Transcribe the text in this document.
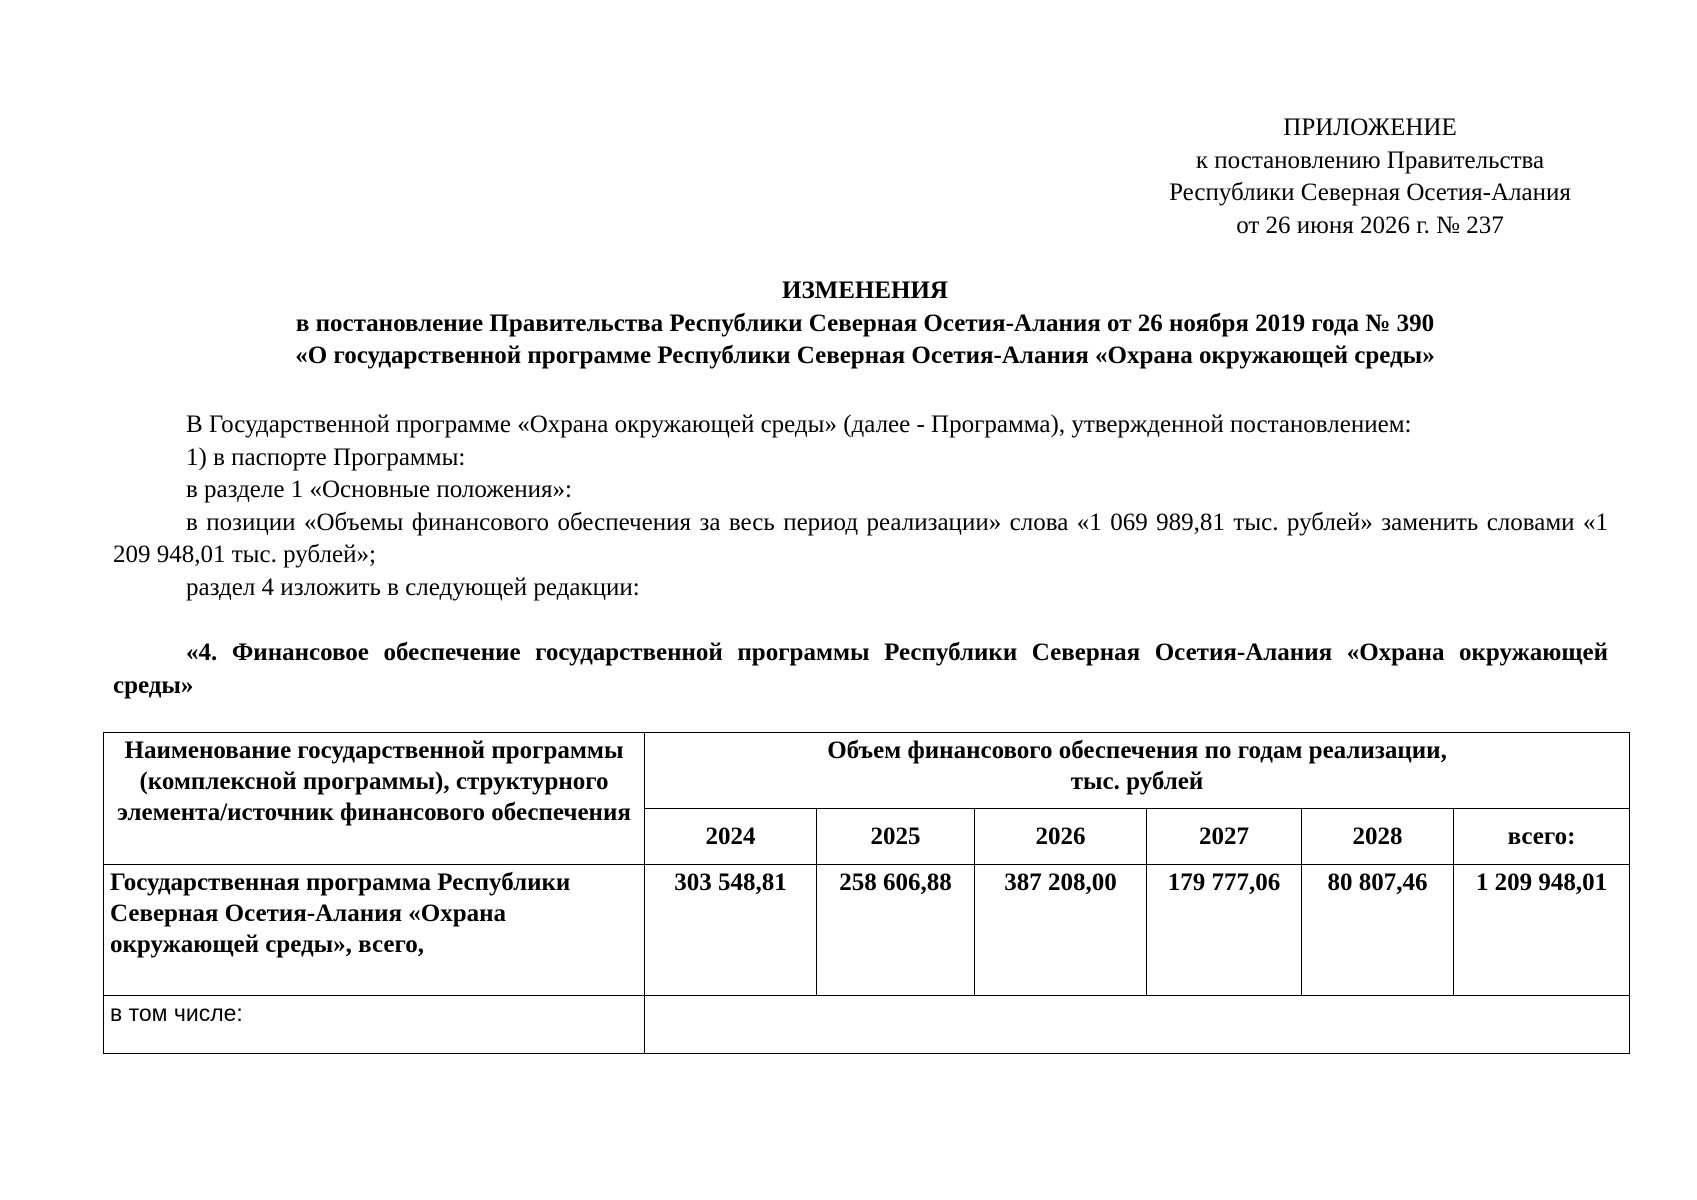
ПРИЛОЖЕНИЕ
к постановлению Правительства
Республики Северная Осетия-Алания
от 26 июня 2026 г. № 237
ИЗМЕНЕНИЯ
в постановление Правительства Республики Северная Осетия-Алания от 26 ноября 2019 года № 390
«О государственной программе Республики Северная Осетия-Алания «Охрана окружающей среды»

В Государственной программе «Охрана окружающей среды» (далее - Программа), утвержденной постановлением:

1) в паспорте Программы:

в разделе 1 «Основные положения»:

в позиции «Объемы финансового обеспечения за весь период реализации» слова «1 069 989,81 тыс. рублей» заменить словами «1 209 948,01 тыс. рублей»;

раздел 4 изложить в следующей редакции:

«4. Финансовое обеспечение государственной программы Республики Северная Осетия-Алания «Охрана окружающей среды»

Наименование государственной программы (комплексной программы), структурного элемента/источник финансового обеспечения	Объем финансового обеспечения по годам реализации,
тыс. рублей					

	2024	2025	2026	2027	2028	всего:
Государственная программа Республики Северная Осетия-Алания «Охрана окружающей среды», всего,	303 548,81	258 606,88	387 208,00	179 777,06	80 807,46	1 209 948,01
в том числе:						
